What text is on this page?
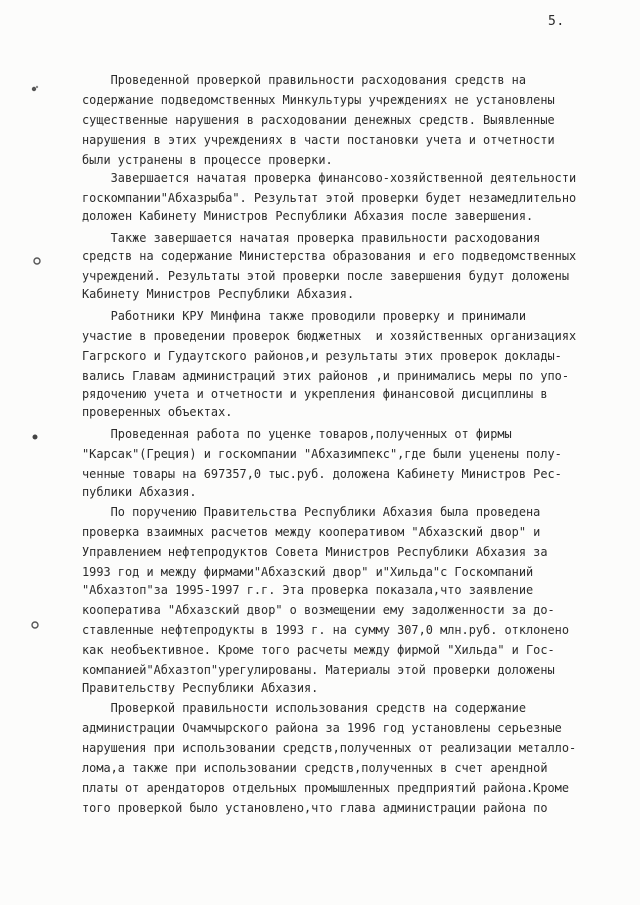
5.
Проведенной проверкой правильности расходования средств на
содержание подведомственных Минкультуры учреждениях не установлены
существенные нарушения в расходовании денежных средств. Выявленные
нарушения в этих учреждениях в части постановки учета и отчетности
были устранены в процессе проверки.
Завершается начатая проверка финансово-хозяйственной деятельности
госкомпании"Абхазрыба". Результат этой проверки будет незамедлительно
доложен Кабинету Министров Республики Абхазия после завершения.
Также завершается начатая проверка правильности расходования
средств на содержание Министерства образования и его подведомственных
учреждений. Результаты этой проверки после завершения будут доложены
Кабинету Министров Республики Абхазия.
Работники КРУ Минфина также проводили проверку и принимали
участие в проведении проверок бюджетных  и хозяйственных организациях
Гагрского и Гудаутского районов,и результаты этих проверок доклады-
вались Главам администраций этих районов ,и принимались меры по упо-
рядочению учета и отчетности и укрепления финансовой дисциплины в
проверенных объектах.
Проведенная работа по уценке товаров,полученных от фирмы
"Карсак"(Греция) и госкомпании "Абхазимпекс",где были уценены полу-
ченные товары на 697357,0 тыс.руб. доложена Кабинету Министров Рес-
публики Абхазия.
По поручению Правительства Республики Абхазия была проведена
проверка взаимных расчетов между кооперативом "Абхазский двор" и
Управлением нефтепродуктов Совета Министров Республики Абхазия за
1993 год и между фирмами"Абхазский двор" и"Хильда"с Госкомпаний
"Абхазтоп"за 1995-1997 г.г. Эта проверка показала,что заявление
кооператива "Абхазский двор" о возмещении ему задолженности за до-
ставленные нефтепродукты в 1993 г. на сумму 307,0 млн.руб. отклонено
как необъективное. Кроме того расчеты между фирмой "Хильда" и Гос-
компанией"Абхазтоп"урегулированы. Материалы этой проверки доложены
Правительству Республики Абхазия.
Проверкой правильности использования средств на содержание
администрации Очамчырского района за 1996 год установлены серьезные
нарушения при использовании средств,полученных от реализации металло-
лома,а также при использовании средств,полученных в счет арендной
платы от арендаторов отдельных промышленных предприятий района.Кроме
того проверкой было установлено,что глава администрации района по
